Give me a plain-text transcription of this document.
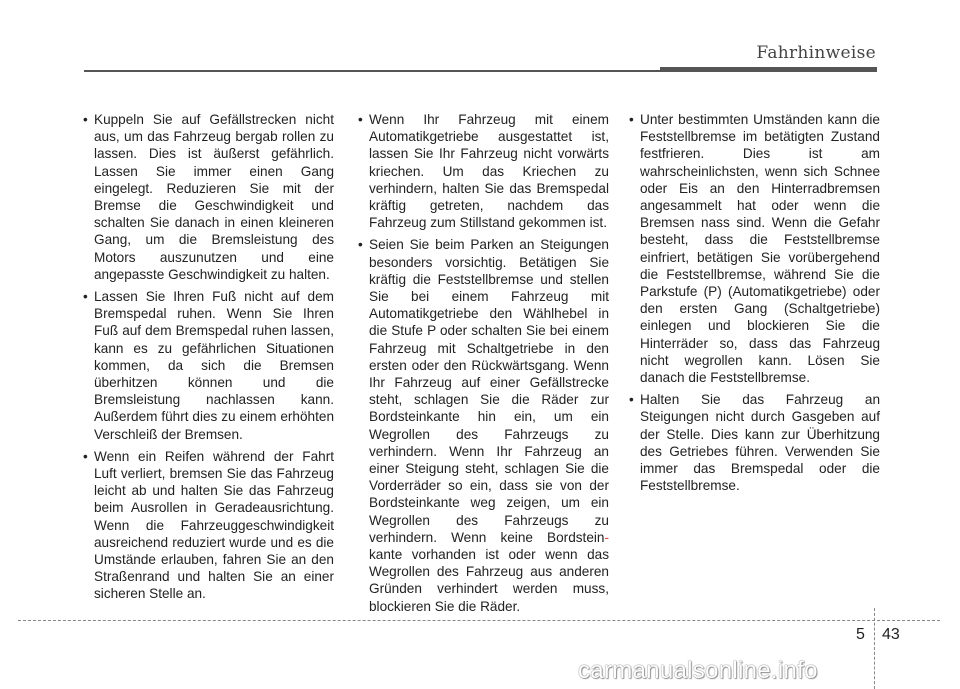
Fahrhinweise
• Kuppeln Sie auf Gefällstrecken nicht aus, um das Fahrzeug bergab rollen zu lassen. Dies ist äußerst gefährlich. Lassen Sie immer einen Gang eingelegt. Reduzieren Sie mit der Bremse die Geschwindigkeit und schalten Sie danach in einen kleineren Gang, um die Bremsleistung des Motors auszunutzen und eine angepasste Geschwindigkeit zu halten.
• Lassen Sie Ihren Fuß nicht auf dem Bremspedal ruhen. Wenn Sie Ihren Fuß auf dem Bremspedal ruhen lassen, kann es zu gefährlichen Situationen kommen, da sich die Bremsen überhitzen können und die Bremsleistung nachlassen kann. Außerdem führt dies zu einem erhöhten Verschleiß der Bremsen.
• Wenn ein Reifen während der Fahrt Luft verliert, bremsen Sie das Fahrzeug leicht ab und halten Sie das Fahrzeug beim Ausrollen in Geradeausrichtung. Wenn die Fahrzeuggeschwindigkeit ausreichend reduziert wurde und es die Umstände erlauben, fahren Sie an den Straßenrand und halten Sie an einer sicheren Stelle an.
• Wenn Ihr Fahrzeug mit einem Automatikgetriebe ausgestattet ist, lassen Sie Ihr Fahrzeug nicht vorwärts kriechen. Um das Kriechen zu verhindern, halten Sie das Bremspedal kräftig getreten, nachdem das Fahrzeug zum Stillstand gekommen ist.
• Seien Sie beim Parken an Steigungen besonders vorsichtig. Betätigen Sie kräftig die Feststellbremse und stellen Sie bei einem Fahrzeug mit Automatikgetriebe den Wählhebel in die Stufe P oder schalten Sie bei einem Fahrzeug mit Schaltgetriebe in den ersten oder den Rückwärtsgang. Wenn Ihr Fahrzeug auf einer Gefällstrecke steht, schlagen Sie die Räder zur Bordsteinkante hin ein, um ein Wegrollen des Fahrzeugs zu verhindern. Wenn Ihr Fahrzeug an einer Steigung steht, schlagen Sie die Vorderräder so ein, dass sie von der Bordsteinkante weg zeigen, um ein Wegrollen des Fahrzeugs zu verhindern. Wenn keine Bordstein- kante vorhanden ist oder wenn das Wegrollen des Fahrzeug aus anderen Gründen verhindert werden muss, blockieren Sie die Räder.
• Unter bestimmten Umständen kann die Feststellbremse im betätigten Zustand festfrieren. Dies ist am wahrscheinlichsten, wenn sich Schnee oder Eis an den Hinterradbremsen angesammelt hat oder wenn die Bremsen nass sind. Wenn die Gefahr besteht, dass die Feststellbremse einfriert, betätigen Sie vorübergehend die Feststellbremse, während Sie die Parkstufe (P) (Automatikgetriebe) oder den ersten Gang (Schaltgetriebe) einlegen und blockieren Sie die Hinterräder so, dass das Fahrzeug nicht wegrollen kann. Lösen Sie danach die Feststellbremse.
• Halten Sie das Fahrzeug an Steigungen nicht durch Gasgeben auf der Stelle. Dies kann zur Überhitzung des Getriebes führen. Verwenden Sie immer das Bremspedal oder die Feststellbremse.
5 43
carmanualsonline.info
